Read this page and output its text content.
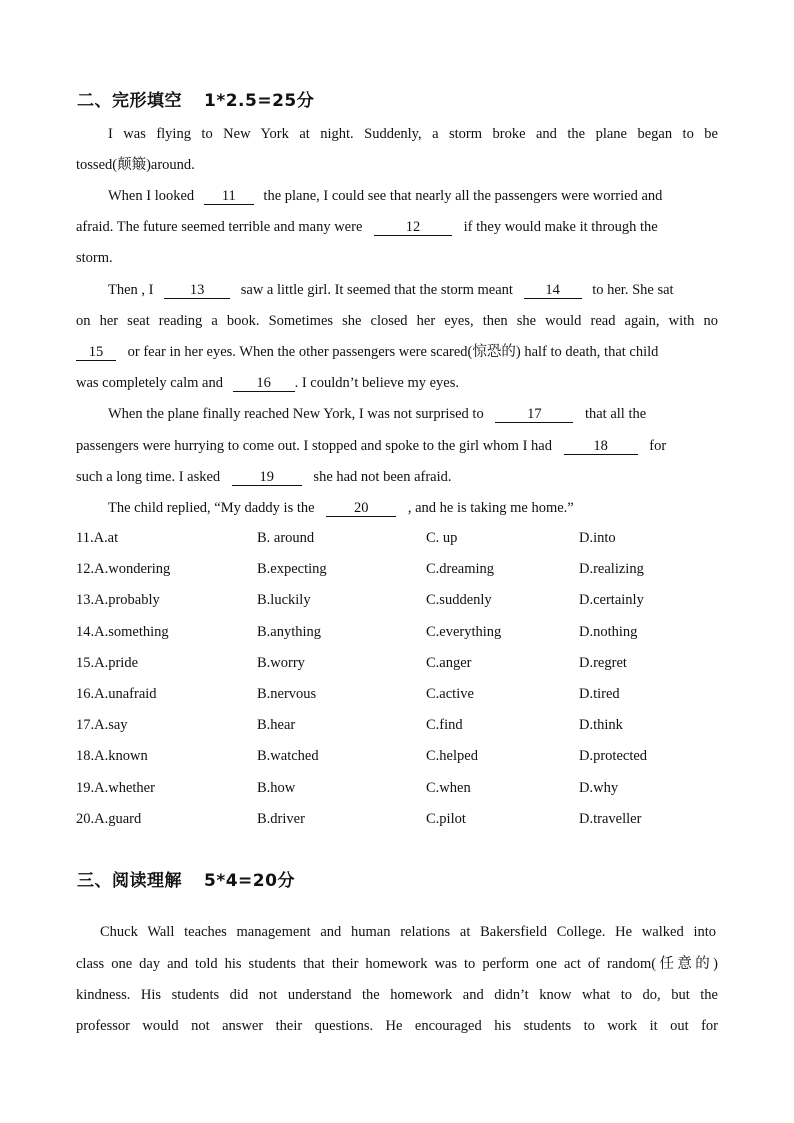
二、完形填空 1*2.5=25分
I was flying to New York at night. Suddenly, a storm broke and the plane began to be
tossed(颠簸)around.
When I looked 11 the plane, I could see that nearly all the passengers were worried and
afraid. The future seemed terrible and many were	12	if they would make it through the
storm.
Then , I	13	saw a little girl. It seemed that the storm meant 14 to her. She sat
on her seat reading a book. Sometimes she closed her eyes, then she would read again, with no
15 or fear in her eyes. When the other passengers were scared(惊恐的) half to death, that child
was completely calm and 16 . I couldn’t believe my eyes.
When the plane finally reached New York, I was not surprised to	17	that all the
passengers were hurrying to come out. I stopped and spoke to the girl whom I had	18	for
such a long time. I asked	19	she had not been afraid.
The child replied, “My daddy is the	20	, and he is taking me home.”
11.A.at	B. around	C. up	D.into
12.A.wondering	B.expecting	C.dreaming	D.realizing
13.A.probably	B.luckily	C.suddenly	D.certainly
14.A.something	B.anything	C.everything	D.nothing
15.A.pride	B.worry	C.anger	D.regret
16.A.unafraid	B.nervous	C.active	D.tired
17.A.say	B.hear	C.find	D.think
18.A.known	B.watched	C.helped	D.protected
19.A.whether	B.how	C.when	D.why
20.A.guard	B.driver	C.pilot	D.traveller
三、阅读理解 5*4=20分
Chuck Wall teaches management and human relations at Bakersfield College. He walked into
class one day and told his students that their homework was to perform one act of random(任意的)
kindness. His students did not understand the homework and didn’t know what to do, but the
professor would not answer their questions. He encouraged his students to work it out for
